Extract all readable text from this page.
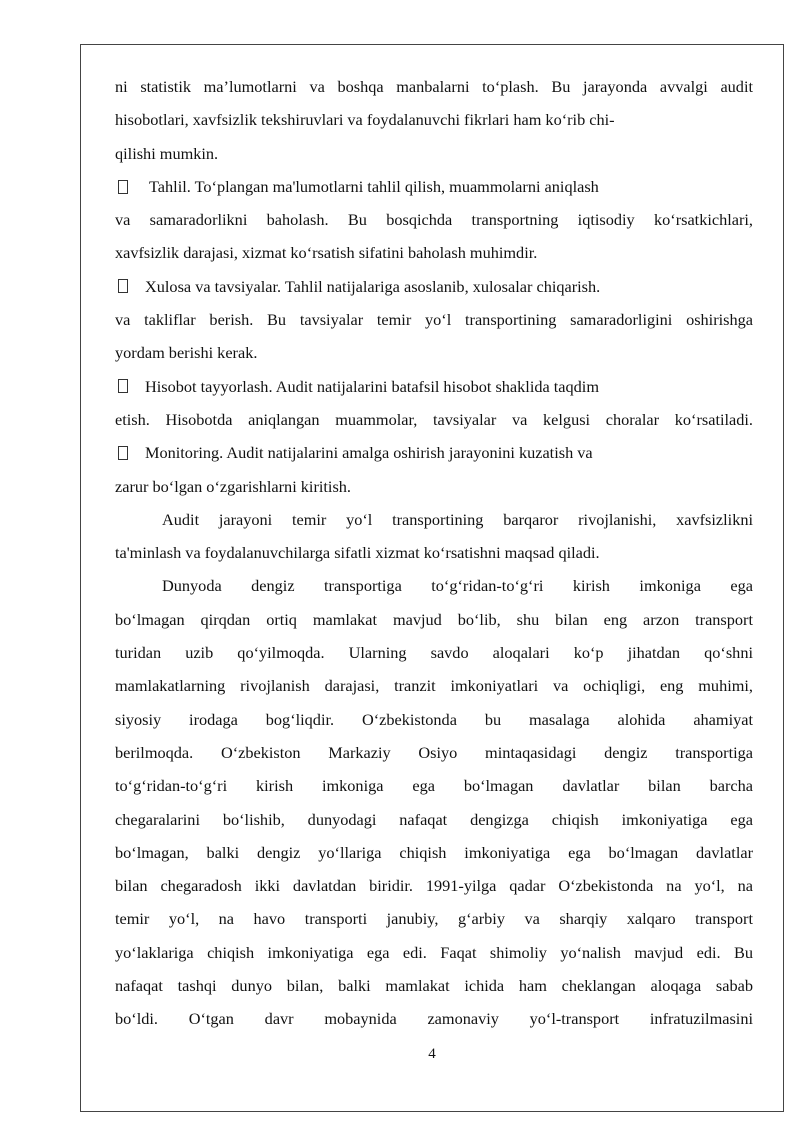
ni statistik ma’lumotlarni va boshqa manbalarni to‘plash. Bu jarayonda avvalgi audit
hisobotlari, xavfsizlik tekshiruvlari va foydalanuvchi fikrlari ham ko‘rib chi-
qilishi mumkin.
Tahlil. To‘plangan ma'lumotlarni tahlil qilish, muammolarni aniqlash
va samaradorlikni baholash. Bu bosqichda transportning iqtisodiy ko‘rsatkichlari,
xavfsizlik darajasi, xizmat ko‘rsatish sifatini baholash muhimdir.
Xulosa va tavsiyalar. Tahlil natijalariga asoslanib, xulosalar chiqarish.
va takliflar berish. Bu tavsiyalar temir yo‘l transportining samaradorligini oshirishga
yordam berishi kerak.
Hisobot tayyorlash. Audit natijalarini batafsil hisobot shaklida taqdim
etish. Hisobotda aniqlangan muammolar, tavsiyalar va kelgusi choralar ko‘rsatiladi.
Monitoring. Audit natijalarini amalga oshirish jarayonini kuzatish va
zarur bo‘lgan o‘zgarishlarni kiritish.
Audit jarayoni temir yo‘l transportining barqaror rivojlanishi, xavfsizlikni
ta'minlash va foydalanuvchilarga sifatli xizmat ko‘rsatishni maqsad qiladi.
Dunyoda dengiz transportiga to‘g‘ridan-to‘g‘ri kirish imkoniga ega
bo‘lmagan qirqdan ortiq mamlakat mavjud bo‘lib, shu bilan eng arzon transport
turidan uzib qo‘yilmoqda. Ularning savdo aloqalari ko‘p jihatdan qo‘shni
mamlakatlarning rivojlanish darajasi, tranzit imkoniyatlari va ochiqligi, eng muhimi,
siyosiy irodaga bog‘liqdir. O‘zbekistonda bu masalaga alohida ahamiyat
berilmoqda. O‘zbekiston Markaziy Osiyo mintaqasidagi dengiz transportiga
to‘g‘ridan-to‘g‘ri kirish imkoniga ega bo‘lmagan davlatlar bilan barcha
chegaralarini bo‘lishib, dunyodagi nafaqat dengizga chiqish imkoniyatiga ega
bo‘lmagan, balki dengiz yo‘llariga chiqish imkoniyatiga ega bo‘lmagan davlatlar
bilan chegaradosh ikki davlatdan biridir. 1991-yilga qadar O‘zbekistonda na yo‘l, na
temir yo‘l, na havo transporti janubiy, g‘arbiy va sharqiy xalqaro transport
yo‘laklariga chiqish imkoniyatiga ega edi. Faqat shimoliy yo‘nalish mavjud edi. Bu
nafaqat tashqi dunyo bilan, balki mamlakat ichida ham cheklangan aloqaga sabab
bo‘ldi. O‘tgan davr mobaynida zamonaviy yo‘l-transport infratuzilmasini
4
